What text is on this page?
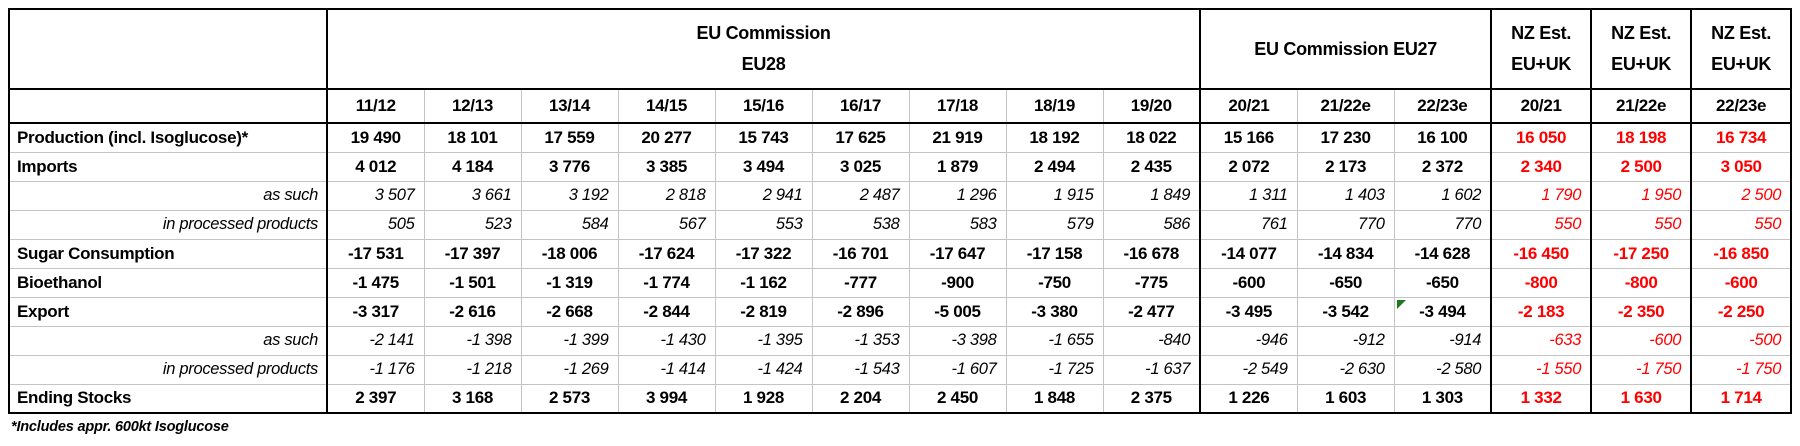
EU Commission
EU28

EU Commission EU27

NZ Est.
EU+UK

NZ Est.
EU+UK

NZ Est.
EU+UK

	11/12	12/13	13/14	14/15	15/16	16/17	17/18	18/19	19/20	20/21	21/22e	22/23e	20/21	21/22e	22/23e
Production (incl. Isoglucose)*	19 490	18 101	17 559	20 277	15 743	17 625	21 919	18 192	18 022	15 166	17 230	16 100	16 050	18 198	16 734
Imports	4 012	4 184	3 776	3 385	3 494	3 025	1 879	2 494	2 435	2 072	2 173	2 372	2 340	2 500	3 050
as such	3 507	3 661	3 192	2 818	2 941	2 487	1 296	1 915	1 849	1 311	1 403	1 602	1 790	1 950	2 500
in processed products	505	523	584	567	553	538	583	579	586	761	770	770	550	550	550
Sugar Consumption	-17 531	-17 397	-18 006	-17 624	-17 322	-16 701	-17 647	-17 158	-16 678	-14 077	-14 834	-14 628	-16 450	-17 250	-16 850
Bioethanol	-1 475	-1 501	-1 319	-1 774	-1 162	-777	-900	-750	-775	-600	-650	-650	-800	-800	-600
Export	-3 317	-2 616	-2 668	-2 844	-2 819	-2 896	-5 005	-3 380	-2 477	-3 495	-3 542	-3 494	-2 183	-2 350	-2 250
as such	-2 141	-1 398	-1 399	-1 430	-1 395	-1 353	-3 398	-1 655	-840	-946	-912	-914	-633	-600	-500
in processed products	-1 176	-1 218	-1 269	-1 414	-1 424	-1 543	-1 607	-1 725	-1 637	-2 549	-2 630	-2 580	-1 550	-1 750	-1 750
Ending Stocks	2 397	3 168	2 573	3 994	1 928	2 204	2 450	1 848	2 375	1 226	1 603	1 303	1 332	1 630	1 714
*Includes appr. 600kt Isoglucose
